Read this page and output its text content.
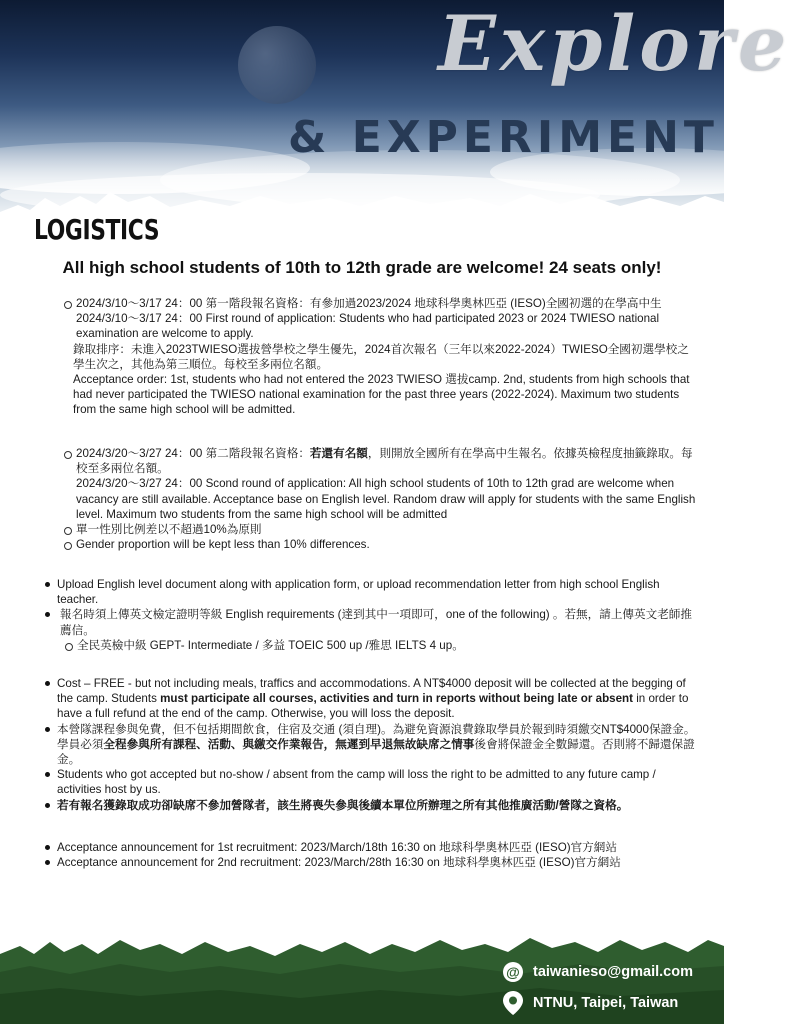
Explore
& EXPERIMENT
LOGISTICS
All high school students of 10th to 12th grade are welcome! 24 seats only!

2024/3/10～3/17 24：00 第一階段報名資格：有參加過2023/2024 地球科學奧林匹亞 (IESO)全國初選的在學高中生

2024/3/10～3/17 24：00 First round of application: Students who had participated 2023 or 2024 TWIESO national examination are welcome to apply.

錄取排序：未進入2023TWIESO選拔營學校之學生優先，2024首次報名（三年以來2022-2024）TWIESO全國初選學校之學生次之，其他為第三順位。每校至多兩位名額。

Acceptance order: 1st, students who had not entered the 2023 TWIESO 選拔camp. 2nd, students from high schools that had never participated the TWIESO national examination for the past three years (2022-2024). Maximum two students from the same high school will be admitted.

2024/3/20～3/27 24：00 第二階段報名資格：若還有名額，則開放全國所有在學高中生報名。依據英檢程度抽籤錄取。每校至多兩位名額。

2024/3/20～3/27 24：00 Scond round of application: All high school students of 10th to 12th grad are welcome when vacancy are still available. Acceptance base on English level. Random draw will apply for students with the same English level. Maximum two students from the same high school will be admitted

單一性別比例差以不超過10%為原則

Gender proportion will be kept less than 10% differences.

Upload English level document along with application form, or upload recommendation letter from high school English teacher.

報名時須上傳英文檢定證明等級 English requirements (達到其中一項即可，one of the following) 。若無，請上傳英文老師推薦信。

全民英檢中級 GEPT- Intermediate / 多益 TOEIC 500 up /雅思 IELTS 4 up。

Cost – FREE - but not including meals, traffics and accommodations. A NT$4000 deposit will be collected at the begging of the camp. Students must participate all courses, activities and turn in reports without being late or absent in order to have a full refund at the end of the camp. Otherwise, you will loss the deposit.

本營隊課程參與免費，但不包括期間飲食，住宿及交通 (須自理)。為避免資源浪費錄取學員於報到時須繳交NT$4000保證金。學員必須全程參與所有課程、活動、與繳交作業報告，無遲到早退無故缺席之情事後會將保證金全數歸還。否則將不歸還保證金。

Students who got accepted but no-show / absent from the camp will loss the right to be admitted to any future camp / activities host by us.

若有報名獲錄取成功卻缺席不參加營隊者，該生將喪失參與後續本單位所辦理之所有其他推廣活動/營隊之資格。

Acceptance announcement for 1st recruitment: 2023/March/18th 16:30 on 地球科學奧林匹亞 (IESO)官方網站

Acceptance announcement for 2nd recruitment: 2023/March/28th 16:30 on 地球科學奧林匹亞 (IESO)官方網站

@ taiwanieso@gmail.com
NTNU, Taipei, Taiwan
